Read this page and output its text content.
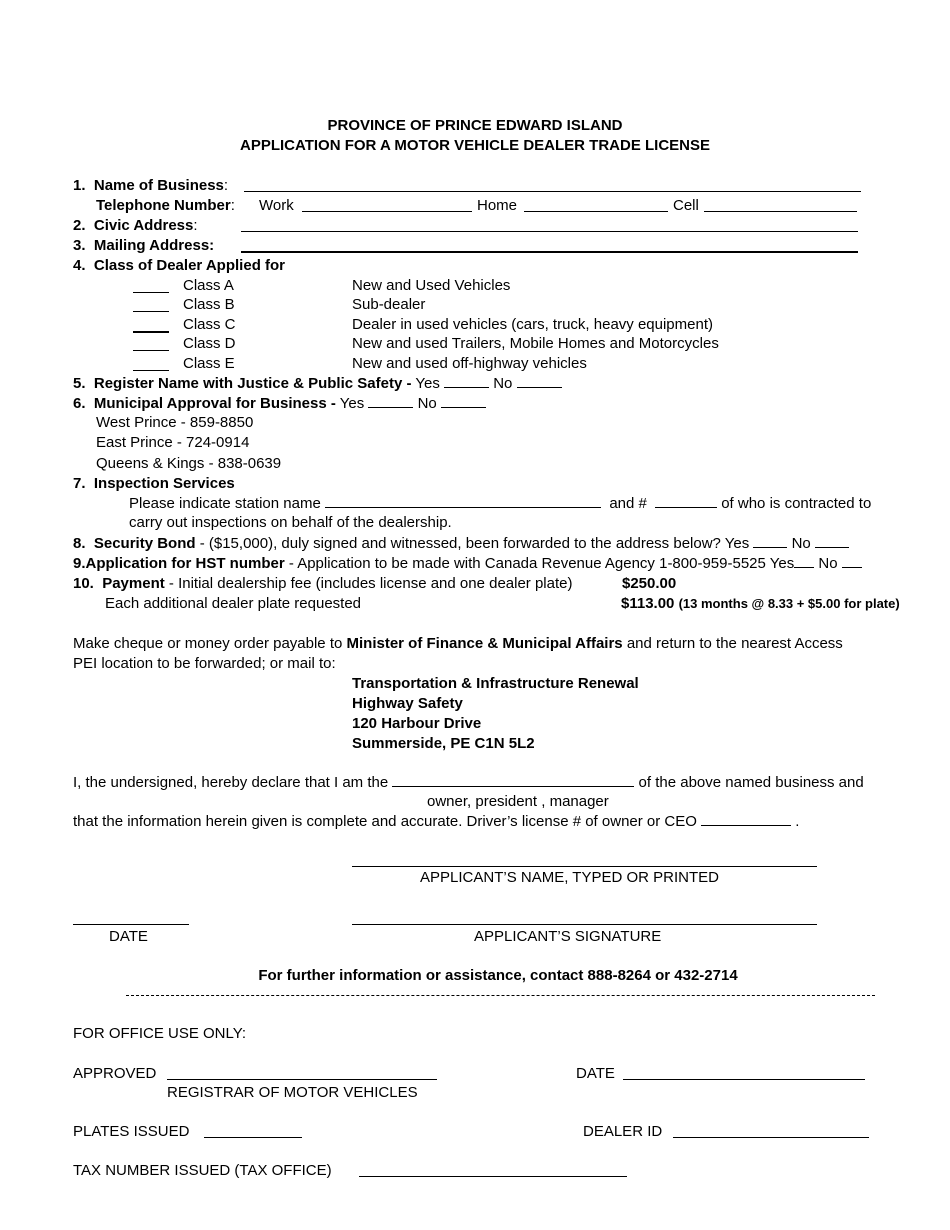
PROVINCE OF PRINCE EDWARD ISLAND
APPLICATION FOR A MOTOR VEHICLE DEALER TRADE LICENSE
1. Name of Business:
Telephone Number: Work	Home	Cell
2. Civic Address:
3. Mailing Address:
4. Class of Dealer Applied for
Class A	New and Used Vehicles
Class B	Sub-dealer
Class C	Dealer in used vehicles (cars, truck, heavy equipment)
Class D	New and used Trailers, Mobile Homes and Motorcycles
Class E	New and used off-highway vehicles
5. Register Name with Justice & Public Safety - Yes	No
6. Municipal Approval for Business - Yes	No
West Prince - 859-8850
East Prince - 724-0914
Queens & Kings - 838-0639
7. Inspection Services
Please indicate station name	and #	of who is contracted to
carry out inspections on behalf of the dealership.
8. Security Bond - ($15,000), duly signed and witnessed, been forwarded to the address below? Yes	No
9.Application for HST number - Application to be made with Canada Revenue Agency 1-800-959-5525 Yes No
10. Payment - Initial dealership fee (includes license and one dealer plate)	$250.00
Each additional dealer plate requested	$113.00 (13 months @ 8.33 + $5.00 for plate)
Make cheque or money order payable to Minister of Finance & Municipal Affairs and return to the nearest Access
PEI location to be forwarded; or mail to:
Transportation & Infrastructure Renewal
Highway Safety
120 Harbour Drive
Summerside, PE C1N 5L2
I, the undersigned, hereby declare that I am the	of the above named business and
owner, president , manager
that the information herein given is complete and accurate. Driver’s license # of owner or CEO	.
APPLICANT’S NAME, TYPED OR PRINTED
DATE	APPLICANT’S SIGNATURE
For further information or assistance, contact 888-8264 or 432-2714
FOR OFFICE USE ONLY:
APPROVED	DATE
REGISTRAR OF MOTOR VEHICLES
PLATES ISSUED	DEALER ID
TAX NUMBER ISSUED (TAX OFFICE)
